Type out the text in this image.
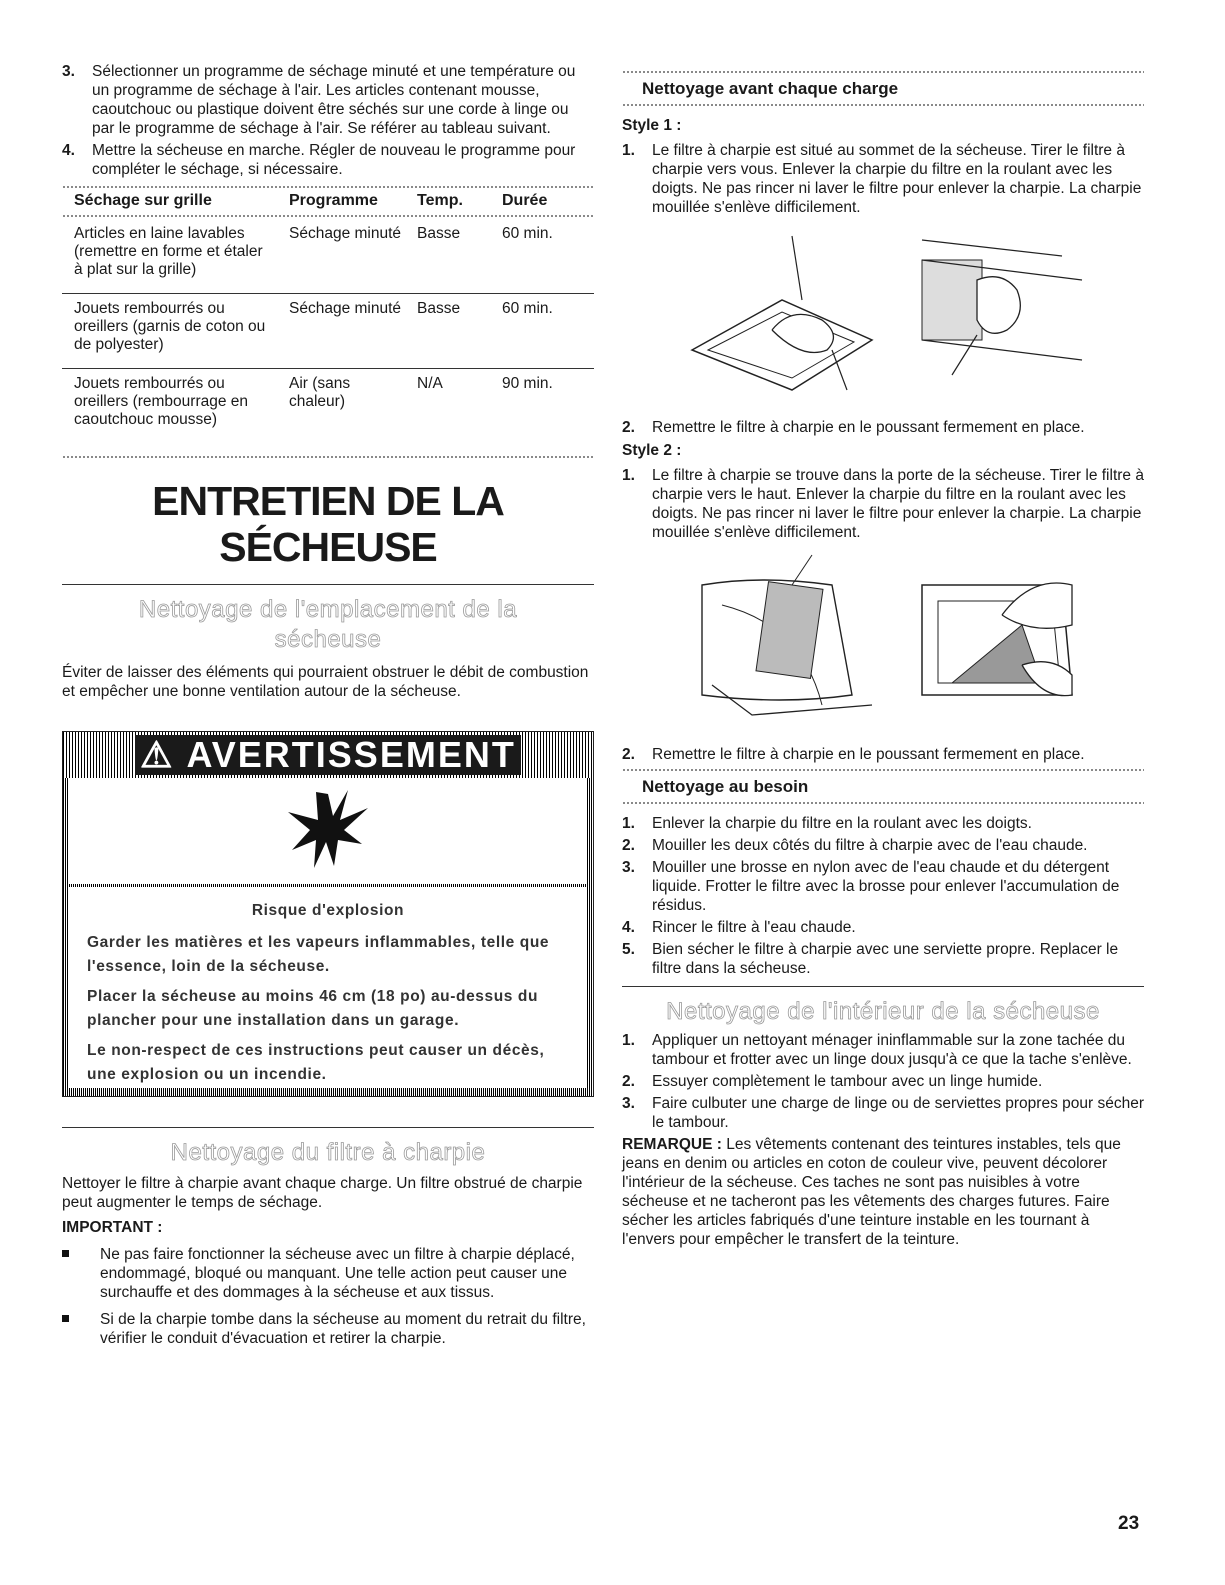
3. Sélectionner un programme de séchage minuté et une température ou un programme de séchage à l'air. Les articles contenant mousse, caoutchouc ou plastique doivent être séchés sur une corde à linge ou par le programme de séchage à l'air. Se référer au tableau suivant.
4. Mettre la sécheuse en marche. Régler de nouveau le programme pour compléter le séchage, si nécessaire.
Séchage sur grille	Programme	Temp.	Durée

Articles en laine lavables (remettre en forme et étaler à plat sur la grille)	Séchage minuté	Basse	60 min.
Jouets rembourrés ou oreillers (garnis de coton ou de polyester)	Séchage minuté	Basse	60 min.
Jouets rembourrés ou oreillers (rembourrage en caoutchouc mousse)	Air (sans chaleur)	N/A	90 min.
ENTRETIEN DE LA SÉCHEUSE
Nettoyage de l'emplacement de la sécheuse

Éviter de laisser des éléments qui pourraient obstruer le débit de combustion et empêcher une bonne ventilation autour de la sécheuse.

⚠ AVERTISSEMENT

Risque d'explosion

Garder les matières et les vapeurs inflammables, telle que l'essence, loin de la sécheuse.

Placer la sécheuse au moins 46 cm (18 po) au-dessus du plancher pour une installation dans un garage.

Le non-respect de ces instructions peut causer un décès, une explosion ou un incendie.

Nettoyage du filtre à charpie

Nettoyer le filtre à charpie avant chaque charge. Un filtre obstrué de charpie peut augmenter le temps de séchage.

IMPORTANT :

Ne pas faire fonctionner la sécheuse avec un filtre à charpie déplacé, endommagé, bloqué ou manquant. Une telle action peut causer une surchauffe et des dommages à la sécheuse et aux tissus.
Si de la charpie tombe dans la sécheuse au moment du retrait du filtre, vérifier le conduit d'évacuation et retirer la charpie.
Nettoyage avant chaque charge

Style 1 :

1. Le filtre à charpie est situé au sommet de la sécheuse. Tirer le filtre à charpie vers vous. Enlever la charpie du filtre en la roulant avec les doigts. Ne pas rincer ni laver le filtre pour enlever la charpie. La charpie mouillée s'enlève difficilement.
2. Remettre le filtre à charpie en le poussant fermement en place.

Style 2 :

1. Le filtre à charpie se trouve dans la porte de la sécheuse. Tirer le filtre à charpie vers le haut. Enlever la charpie du filtre en la roulant avec les doigts. Ne pas rincer ni laver le filtre pour enlever la charpie. La charpie mouillée s'enlève difficilement.
2. Remettre le filtre à charpie en le poussant fermement en place.
Nettoyage au besoin
1. Enlever la charpie du filtre en la roulant avec les doigts.
2. Mouiller les deux côtés du filtre à charpie avec de l'eau chaude.
3. Mouiller une brosse en nylon avec de l'eau chaude et du détergent liquide. Frotter le filtre avec la brosse pour enlever l'accumulation de résidus.
4. Rincer le filtre à l'eau chaude.
5. Bien sécher le filtre à charpie avec une serviette propre. Replacer le filtre dans la sécheuse.
Nettoyage de l'intérieur de la sécheuse
1. Appliquer un nettoyant ménager ininflammable sur la zone tachée du tambour et frotter avec un linge doux jusqu'à ce que la tache s'enlève.
2. Essuyer complètement le tambour avec un linge humide.
3. Faire culbuter une charge de linge ou de serviettes propres pour sécher le tambour.

REMARQUE : Les vêtements contenant des teintures instables, tels que jeans en denim ou articles en coton de couleur vive, peuvent décolorer l'intérieur de la sécheuse. Ces taches ne sont pas nuisibles à votre sécheuse et ne tacheront pas les vêtements des charges futures. Faire sécher les articles fabriqués d'une teinture instable en les tournant à l'envers pour empêcher le transfert de la teinture.

23
